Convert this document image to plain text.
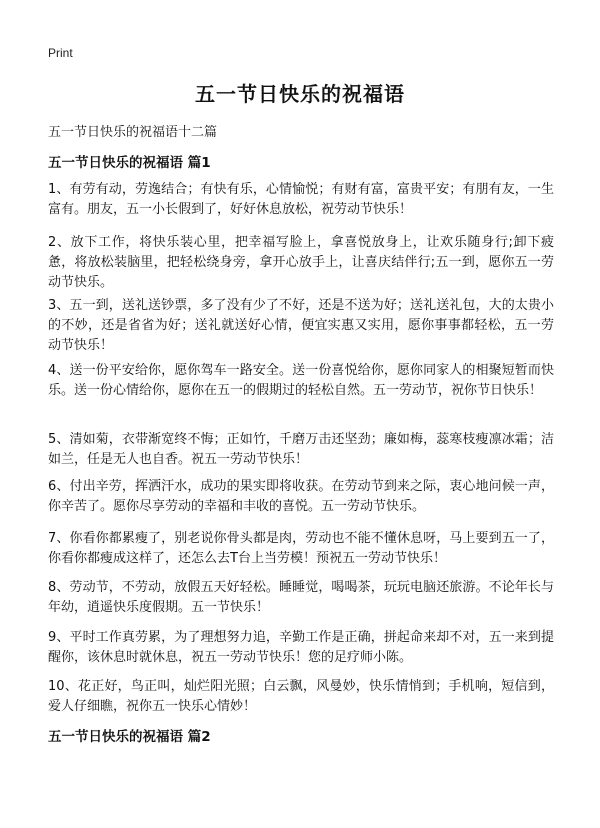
Print
五一节日快乐的祝福语
五一节日快乐的祝福语十二篇
五一节日快乐的祝福语 篇1
1、有劳有动，劳逸结合；有快有乐，心情愉悦；有财有富，富贵平安；有朋有友，一生富有。朋友，五一小长假到了，好好休息放松，祝劳动节快乐！
2、放下工作，将快乐装心里，把幸福写脸上，拿喜悦放身上，让欢乐随身行;卸下疲惫，将放松装脑里，把轻松绕身旁，拿开心放手上，让喜庆结伴行;五一到，愿你五一劳动节快乐。
3、五一到，送礼送钞票，多了没有少了不好，还是不送为好；送礼送礼包，大的太贵小的不妙，还是省省为好；送礼就送好心情，便宜实惠又实用，愿你事事都轻松，五一劳动节快乐！
4、送一份平安给你，愿你驾车一路安全。送一份喜悦给你，愿你同家人的相聚短暂而快乐。送一份心情给你，愿你在五一的假期过的轻松自然。五一劳动节，祝你节日快乐！
5、清如菊，衣带渐宽终不悔；正如竹，千磨万击还坚劲；廉如梅，蕊寒枝瘦凛冰霜；洁如兰，任是无人也自香。祝五一劳动节快乐！
6、付出辛劳，挥洒汗水，成功的果实即将收获。在劳动节到来之际，衷心地问候一声，你辛苦了。愿你尽享劳动的幸福和丰收的喜悦。五一劳动节快乐。
7、你看你都累瘦了，别老说你骨头都是肉，劳动也不能不懂休息呀，马上要到五一了，你看你都瘦成这样了，还怎么去T台上当劳模！预祝五一劳动节快乐！
8、劳动节，不劳动，放假五天好轻松。睡睡觉，喝喝茶，玩玩电脑还旅游。不论年长与年幼，逍遥快乐度假期。五一节快乐！
9、平时工作真劳累，为了理想努力追，辛勤工作是正确，拼起命来却不对，五一来到提醒你，该休息时就休息，祝五一劳动节快乐！您的足疗师小陈。
10、花正好，鸟正叫，灿烂阳光照；白云飘，风曼妙，快乐情悄到；手机响，短信到，爱人仔细瞧，祝你五一快乐心情妙！
五一节日快乐的祝福语 篇2
